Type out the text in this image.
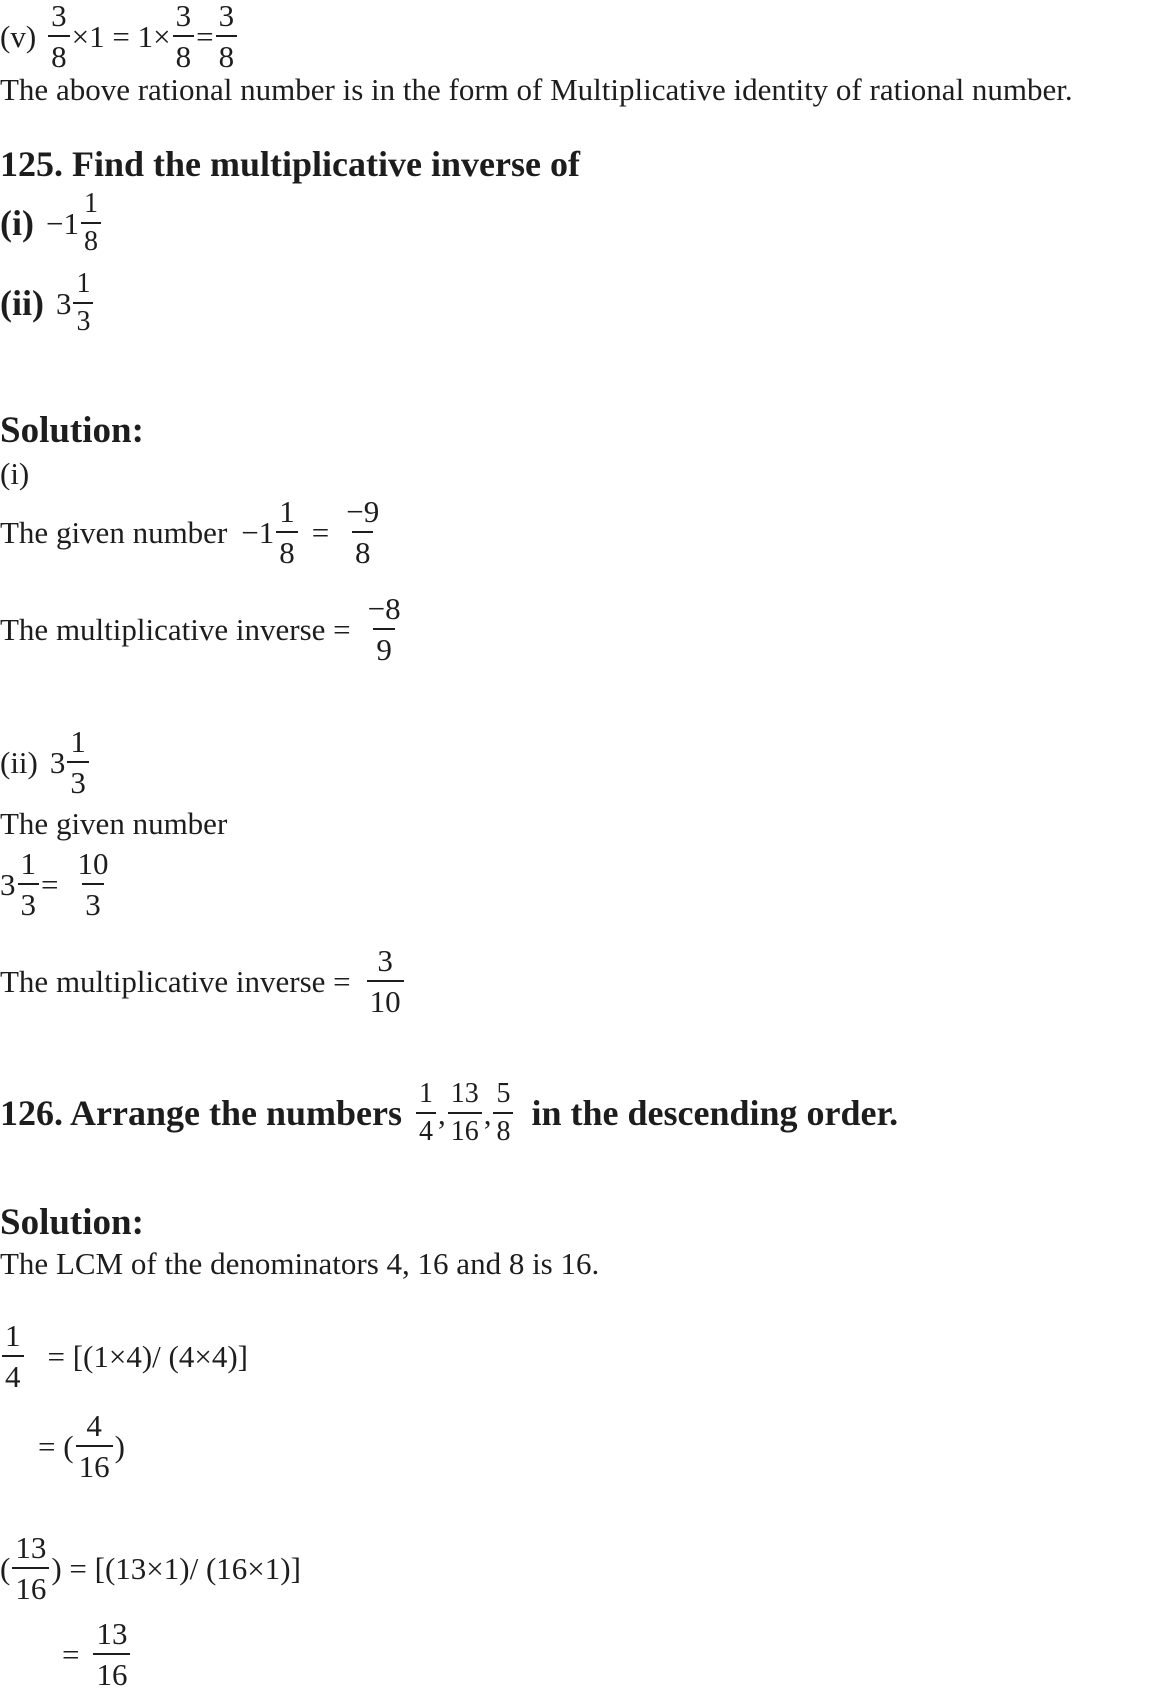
$(v) \frac{3}{8} \times 1 = 1\times \frac{3}{8} = \frac{3}{8}$
The above rational number is in the form of Multiplicative identity of rational number.
125. Find the multiplicative inverse of
$(i) -1 \frac{1}{8}$
(ii) $3 \frac{1}{3}$
Solution:
(i)
The given number $-1 \frac{1}{8} = \frac{-9}{8}$
The multiplicative inverse = $\frac{-8}{9}$
(ii) $3 \frac{1}{3}$
The given number
$3 \frac{1}{3} = \frac{10}{3}$
The multiplicative inverse = $\frac{3}{10}$
126. Arrange the numbers $\frac{1}{4}$ , $\frac{13}{16}$ , $\frac{5}{8}$ in the descending order.
Solution:
The LCM of the denominators 4, 16 and 8 is 16.
$\frac{1}{4} = [(1\times 4)/$ (4×4)]
= ( $\frac{4}{16}$ )
( $\frac{13}{16}$ ) = [(13×1)/ (16×1)]
= $\frac{13}{16}$
